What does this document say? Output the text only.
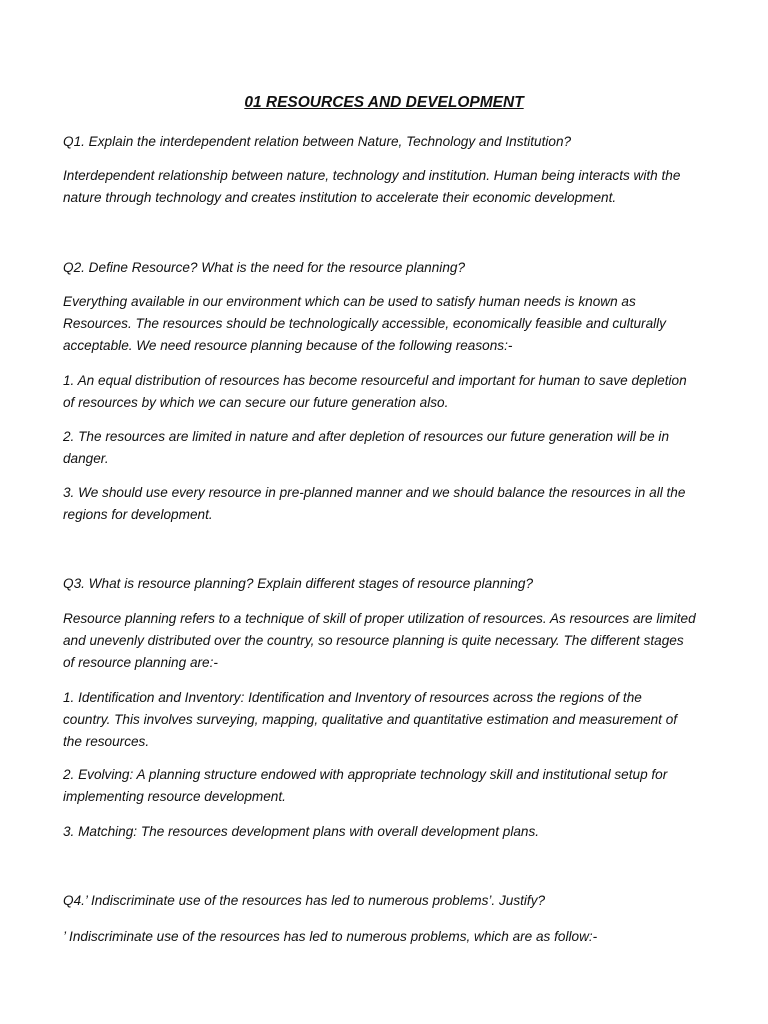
01 RESOURCES AND DEVELOPMENT

Q1. Explain the interdependent relation between Nature, Technology and Institution?

Interdependent relationship between nature, technology and institution. Human being interacts with the
nature through technology and creates institution to accelerate their economic development.

Q2. Define Resource? What is the need for the resource planning?

Everything available in our environment which can be used to satisfy human needs is known as
Resources. The resources should be technologically accessible, economically feasible and culturally
acceptable. We need resource planning because of the following reasons:-

1. An equal distribution of resources has become resourceful and important for human to save depletion
of resources by which we can secure our future generation also.

2. The resources are limited in nature and after depletion of resources our future generation will be in
danger.

3. We should use every resource in pre-planned manner and we should balance the resources in all the
regions for development.

Q3. What is resource planning? Explain different stages of resource planning?

Resource planning refers to a technique of skill of proper utilization of resources. As resources are limited
and unevenly distributed over the country, so resource planning is quite necessary. The different stages
of resource planning are:-

1. Identification and Inventory: Identification and Inventory of resources across the regions of the
country. This involves surveying, mapping, qualitative and quantitative estimation and measurement of
the resources.

2. Evolving: A planning structure endowed with appropriate technology skill and institutional setup for
implementing resource development.

3. Matching: The resources development plans with overall development plans.

Q4.’ Indiscriminate use of the resources has led to numerous problems’. Justify?

’ Indiscriminate use of the resources has led to numerous problems, which are as follow:-
